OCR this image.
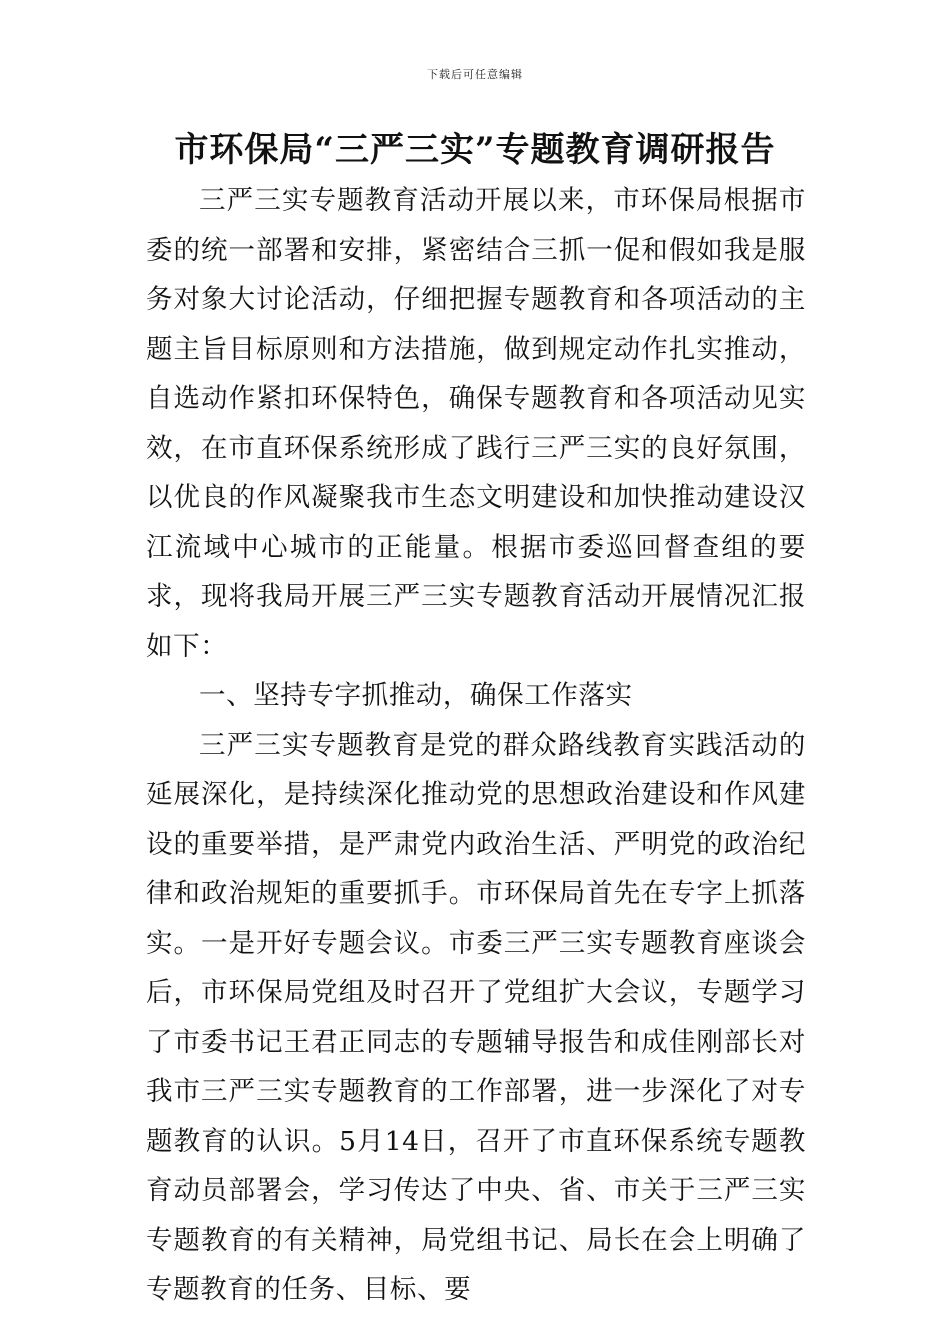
下载后可任意编辑
市环保局“三严三实”专题教育调研报告

三严三实专题教育活动开展以来，市环保局根据市委的统一部署和安排，紧密结合三抓一促和假如我是服务对象大讨论活动，仔细把握专题教育和各项活动的主题主旨目标原则和方法措施，做到规定动作扎实推动，自选动作紧扣环保特色，确保专题教育和各项活动见实效，在市直环保系统形成了践行三严三实的良好氛围，以优良的作风凝聚我市生态文明建设和加快推动建设汉江流域中心城市的正能量。根据市委巡回督查组的要求，现将我局开展三严三实专题教育活动开展情况汇报如下：

一、坚持专字抓推动，确保工作落实

三严三实专题教育是党的群众路线教育实践活动的延展深化，是持续深化推动党的思想政治建设和作风建设的重要举措，是严肃党内政治生活、严明党的政治纪律和政治规矩的重要抓手。市环保局首先在专字上抓落实。一是开好专题会议。市委三严三实专题教育座谈会后，市环保局党组及时召开了党组扩大会议，专题学习了市委书记王君正同志的专题辅导报告和成佳刚部长对我市三严三实专题教育的工作部署，进一步深化了对专题教育的认识。5月14日，召开了市直环保系统专题教育动员部署会，学习传达了中央、省、市关于三严三实专题教育的有关精神，局党组书记、局长在会上明确了专题教育的任务、目标、要
